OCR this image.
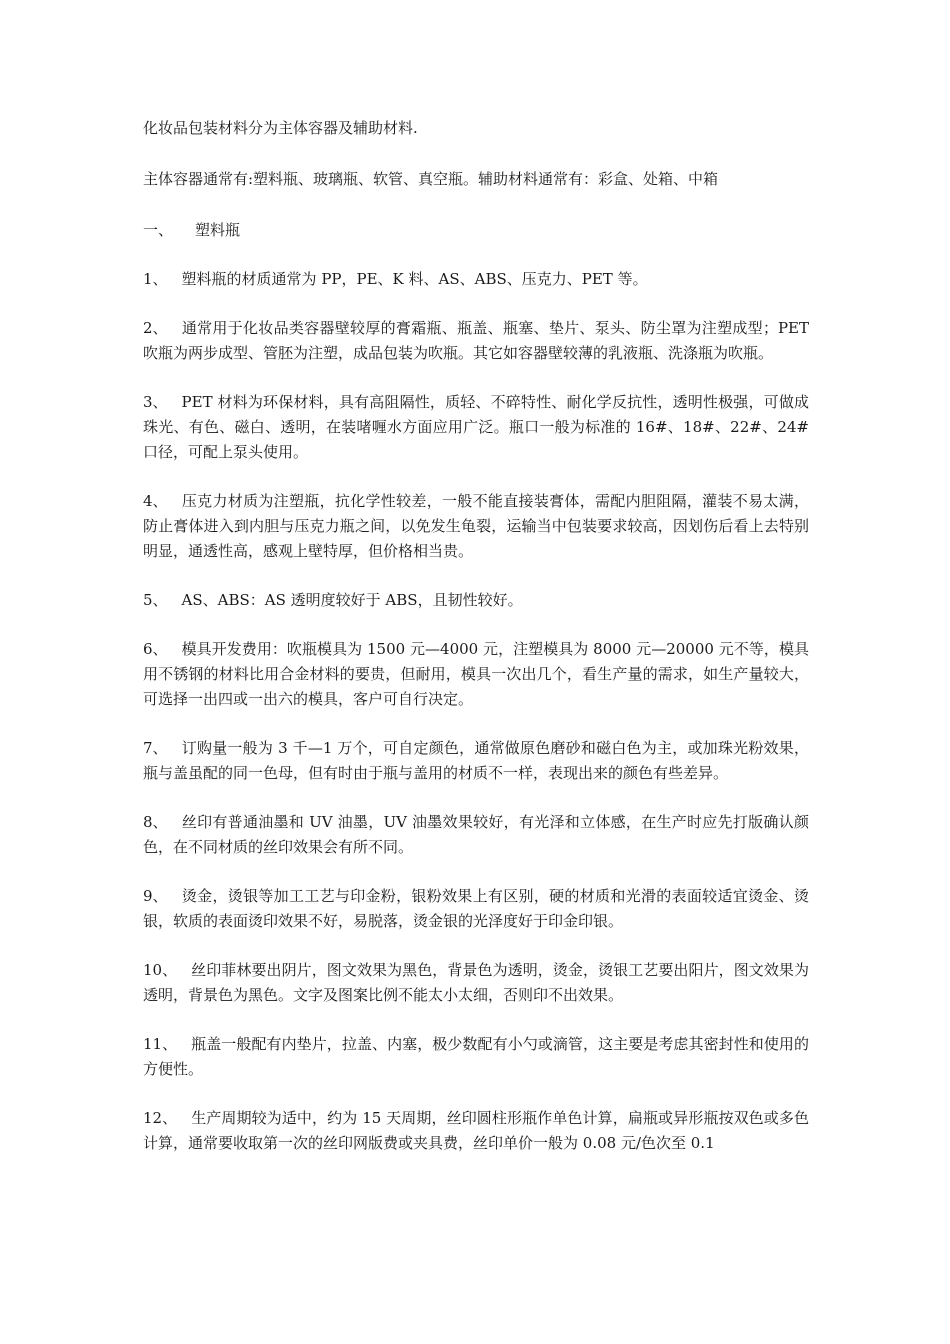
化妆品包装材料分为主体容器及辅助材料.

主体容器通常有:塑料瓶、玻璃瓶、软管、真空瓶。辅助材料通常有：彩盒、处箱、中箱

一、 塑料瓶

1、 塑料瓶的材质通常为 PP，PE、K 料、AS、ABS、压克力、PET 等。

2、 通常用于化妆品类容器壁较厚的膏霜瓶、瓶盖、瓶塞、垫片、泵头、防尘罩为注塑成型；PET 吹瓶为两步成型、管胚为注塑，成品包装为吹瓶。其它如容器壁较薄的乳液瓶、洗涤瓶为吹瓶。

3、 PET 材料为环保材料，具有高阻隔性，质轻、不碎特性、耐化学反抗性，透明性极强，可做成珠光、有色、磁白、透明，在装啫喱水方面应用广泛。瓶口一般为标准的 16#、18#、22#、24#口径，可配上泵头使用。

4、 压克力材质为注塑瓶，抗化学性较差，一般不能直接装膏体，需配内胆阻隔，灌装不易太满，防止膏体进入到内胆与压克力瓶之间，以免发生龟裂，运输当中包装要求较高，因划伤后看上去特别明显，通透性高，感观上壁特厚，但价格相当贵。

5、 AS、ABS：AS 透明度较好于 ABS，且韧性较好。

6、 模具开发费用：吹瓶模具为 1500 元—4000 元，注塑模具为 8000 元—20000 元不等，模具用不锈钢的材料比用合金材料的要贵，但耐用，模具一次出几个，看生产量的需求，如生产量较大，可选择一出四或一出六的模具，客户可自行决定。

7、 订购量一般为 3 千—1 万个，可自定颜色，通常做原色磨砂和磁白色为主，或加珠光粉效果，瓶与盖虽配的同一色母，但有时由于瓶与盖用的材质不一样，表现出来的颜色有些差异。

8、 丝印有普通油墨和 UV 油墨，UV 油墨效果较好，有光泽和立体感，在生产时应先打版确认颜色，在不同材质的丝印效果会有所不同。

9、 烫金，烫银等加工工艺与印金粉，银粉效果上有区别，硬的材质和光滑的表面较适宜烫金、烫银，软质的表面烫印效果不好，易脱落，烫金银的光泽度好于印金印银。

10、 丝印菲林要出阴片，图文效果为黑色，背景色为透明，烫金，烫银工艺要出阳片，图文效果为透明，背景色为黑色。文字及图案比例不能太小太细，否则印不出效果。

11、 瓶盖一般配有内垫片，拉盖、内塞，极少数配有小勺或滴管，这主要是考虑其密封性和使用的方便性。

12、 生产周期较为适中，约为 15 天周期，丝印圆柱形瓶作单色计算，扁瓶或异形瓶按双色或多色计算，通常要收取第一次的丝印网版费或夹具费，丝印单价一般为 0.08 元/色次至 0.1
